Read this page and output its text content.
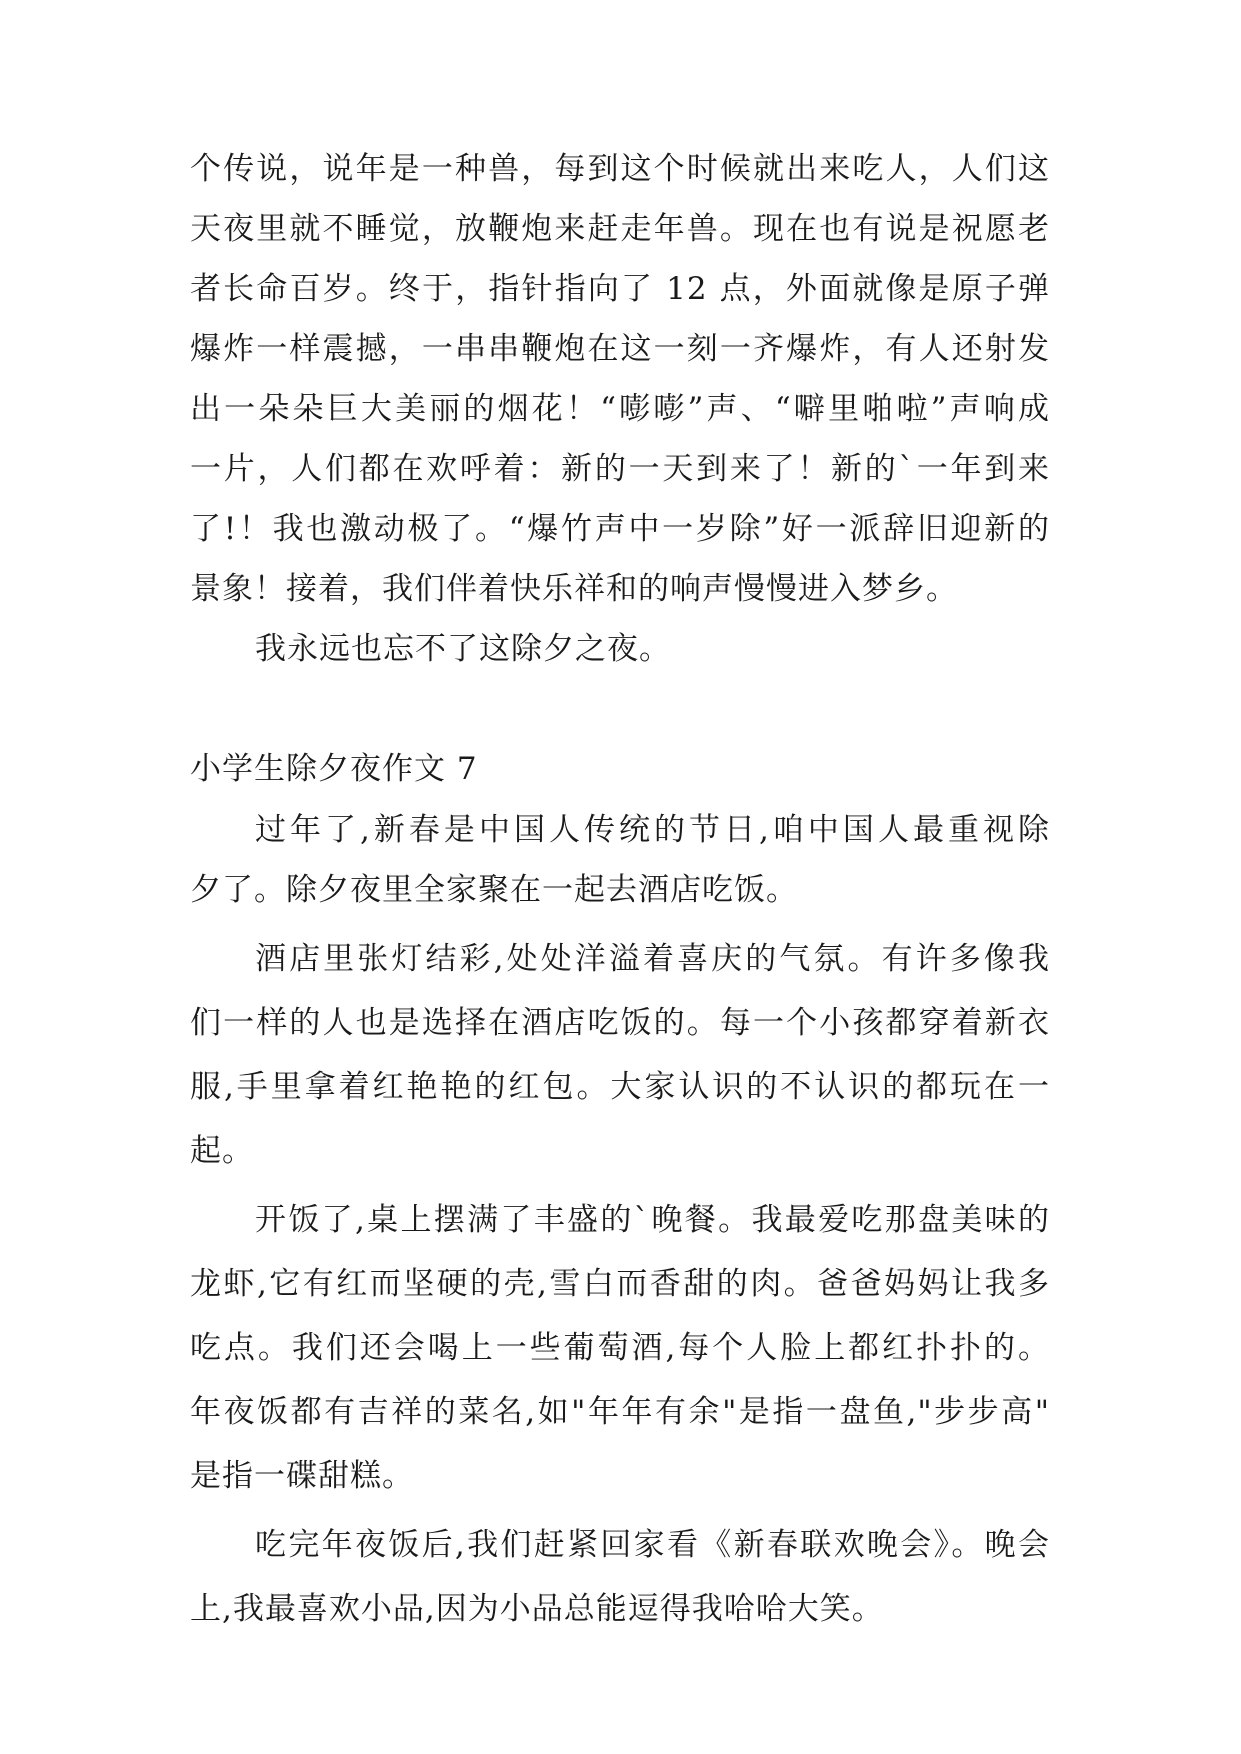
个传说，说年是一种兽，每到这个时候就出来吃人，人们这
天夜里就不睡觉，放鞭炮来赶走年兽。现在也有说是祝愿老
者长命百岁。终于，指针指向了 12 点，外面就像是原子弹
爆炸一样震撼，一串串鞭炮在这一刻一齐爆炸，有人还射发
出一朵朵巨大美丽的烟花！“嘭嘭”声、“噼里啪啦”声响成
一片，人们都在欢呼着：新的一天到来了！新的`一年到来
了!！我也激动极了。“爆竹声中一岁除”好一派辞旧迎新的
景象！接着，我们伴着快乐祥和的响声慢慢进入梦乡。
我永远也忘不了这除夕之夜。
小学生除夕夜作文 7
过年了,新春是中国人传统的节日,咱中国人最重视除
夕了。除夕夜里全家聚在一起去酒店吃饭。
酒店里张灯结彩,处处洋溢着喜庆的气氛。有许多像我
们一样的人也是选择在酒店吃饭的。每一个小孩都穿着新衣
服,手里拿着红艳艳的红包。大家认识的不认识的都玩在一
起。
开饭了,桌上摆满了丰盛的`晚餐。我最爱吃那盘美味的
龙虾,它有红而坚硬的壳,雪白而香甜的肉。爸爸妈妈让我多
吃点。我们还会喝上一些葡萄酒,每个人脸上都红扑扑的。
年夜饭都有吉祥的菜名,如"年年有余"是指一盘鱼,"步步高"
是指一碟甜糕。
吃完年夜饭后,我们赶紧回家看《新春联欢晚会》。晚会
上,我最喜欢小品,因为小品总能逗得我哈哈大笑。
